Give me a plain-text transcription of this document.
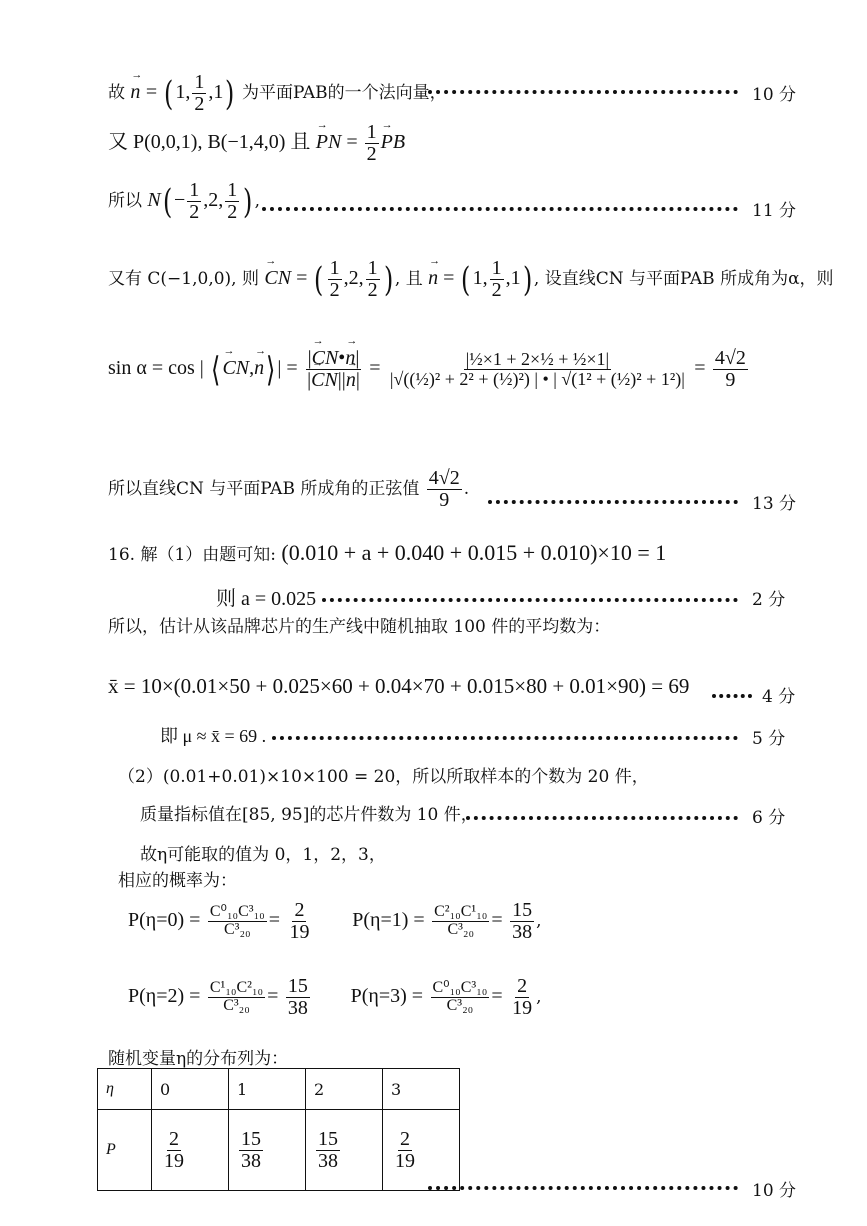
故 → n = (1, $\frac{1}{2} ,1$) 为平面PAB的一个法向量，	10 分
又 P(0,0,1), B(−1,4,0) 且 → PN = $\frac{1}{2}$ → PB
所以 $N(- \frac{1}{2} ,2$, $\frac{1}{2}$ ) ,	11 分
又有 C(−1,0,0), 则 → CN = ( $\frac{1}{2} ,2$, $\frac{1}{2}$ ) , 且 → n = (1, $\frac{1}{2} ,1$) , 设直线CN 与平面PAB 所成角为α，则
sin α = cos | ⟨→ CN,→ n⟩| = $\frac{|\to CN•\to n|}{|\to CN||\to n|} = \frac{\text{|½×1 + 2×½ + ½×1|}}{\text{|√((½)² + 2² + (½)²) | • | √(1² + (½)² + 1²)|}} = \frac{4√2}{9}$
所以直线CN 与平面PAB 所成角的正弦值 $\frac{4√2}{9}$ .
13 分
16. 解（1）由题可知: (0.010 + a + 0.040 + 0.015 + 0.010)×10 = 1
则 a = 0.025	2 分
所以，估计从该品牌芯片的生产线中随机抽取 100 件的平均数为：
x̄ = 10×(0.01×50 + 0.025×60 + 0.04×70 + 0.015×80 + 0.01×90) = 69	4 分
即 μ ≈ x̄ = 69 .	5 分
（2）(0.01+0.01)×10×100 = 20，所以所取样本的个数为 20 件，
质量指标值在[85, 95]的芯片件数为 10 件，	6 分
故η可能取的值为 0，1，2，3，
相应的概率为：
$P(\eta=0) = \frac{\text{C⁰₁₀C³₁₀}}{\text{C³₂₀}} = \frac{2}{19} P(\eta=1) = \frac{\text{C²₁₀C¹₁₀}}{\text{C³₂₀}} = \frac{15}{38}$ ,
$P(\eta=2) = \frac{\text{C¹₁₀C²₁₀}}{\text{C³₂₀}} = \frac{15}{38} P(\eta=3) = \frac{\text{C⁰₁₀C³₁₀}}{\text{C³₂₀}} = \frac{2}{19}$ ,
随机变量η的分布列为：
η	0	1	2	3
P	$\frac{2}{19}$	$\frac{15}{38}$	$\frac{15}{38}$	$\frac{2}{19}$
10 分
